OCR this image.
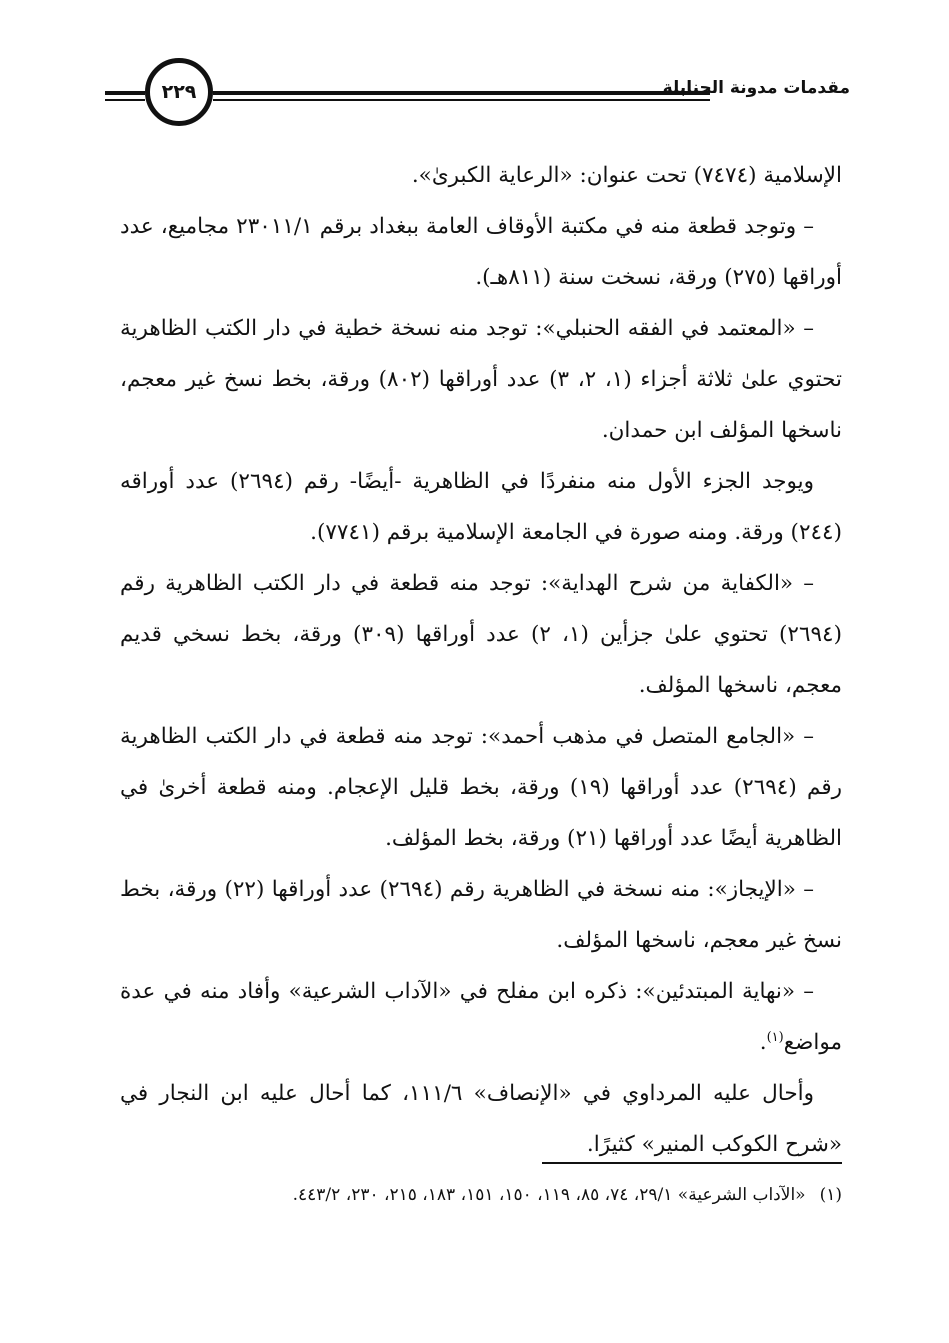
٢٢٩	مقدمات مدونة الحنابلة

الإسلامية (٧٤٧٤) تحت عنوان: «الرعاية الكبرىٰ».

– وتوجد قطعة منه في مكتبة الأوقاف العامة ببغداد برقم ٢٣٠١١/١ مجاميع، عدد أوراقها (٢٧٥) ورقة، نسخت سنة (٨١١هـ).

– «المعتمد في الفقه الحنبلي»: توجد منه نسخة خطية في دار الكتب الظاهرية تحتوي علىٰ ثلاثة أجزاء (١، ٢، ٣) عدد أوراقها (٨٠٢) ورقة، بخط نسخ غير معجم، ناسخها المؤلف ابن حمدان.

ويوجد الجزء الأول منه منفردًا في الظاهرية -أيضًا- رقم (٢٦٩٤) عدد أوراقه (٢٤٤) ورقة. ومنه صورة في الجامعة الإسلامية برقم (٧٧٤١).

– «الكفاية من شرح الهداية»: توجد منه قطعة في دار الكتب الظاهرية رقم (٢٦٩٤) تحتوي علىٰ جزأين (١، ٢) عدد أوراقها (٣٠٩) ورقة، بخط نسخي قديم معجم، ناسخها المؤلف.

– «الجامع المتصل في مذهب أحمد»: توجد منه قطعة في دار الكتب الظاهرية رقم (٢٦٩٤) عدد أوراقها (١٩) ورقة، بخط قليل الإعجام. ومنه قطعة أخرىٰ في الظاهرية أيضًا عدد أوراقها (٢١) ورقة، بخط المؤلف.

– «الإيجاز»: منه نسخة في الظاهرية رقم (٢٦٩٤) عدد أوراقها (٢٢) ورقة، بخط نسخ غير معجم، ناسخها المؤلف.

– «نهاية المبتدئين»: ذكره ابن مفلح في «الآداب الشرعية» وأفاد منه في عدة مواضع$^{(١)}$.

وأحال عليه المرداوي في «الإنصاف» ١١١/٦، كما أحال عليه ابن النجار في «شرح الكوكب المنير» كثيرًا.

(١)«الآداب الشرعية» ٢٩/١، ٧٤، ٨٥، ١١٩، ١٥٠، ١٥١، ١٨٣، ٢١٥، ٢٣٠، ٤٤٣/٢.
